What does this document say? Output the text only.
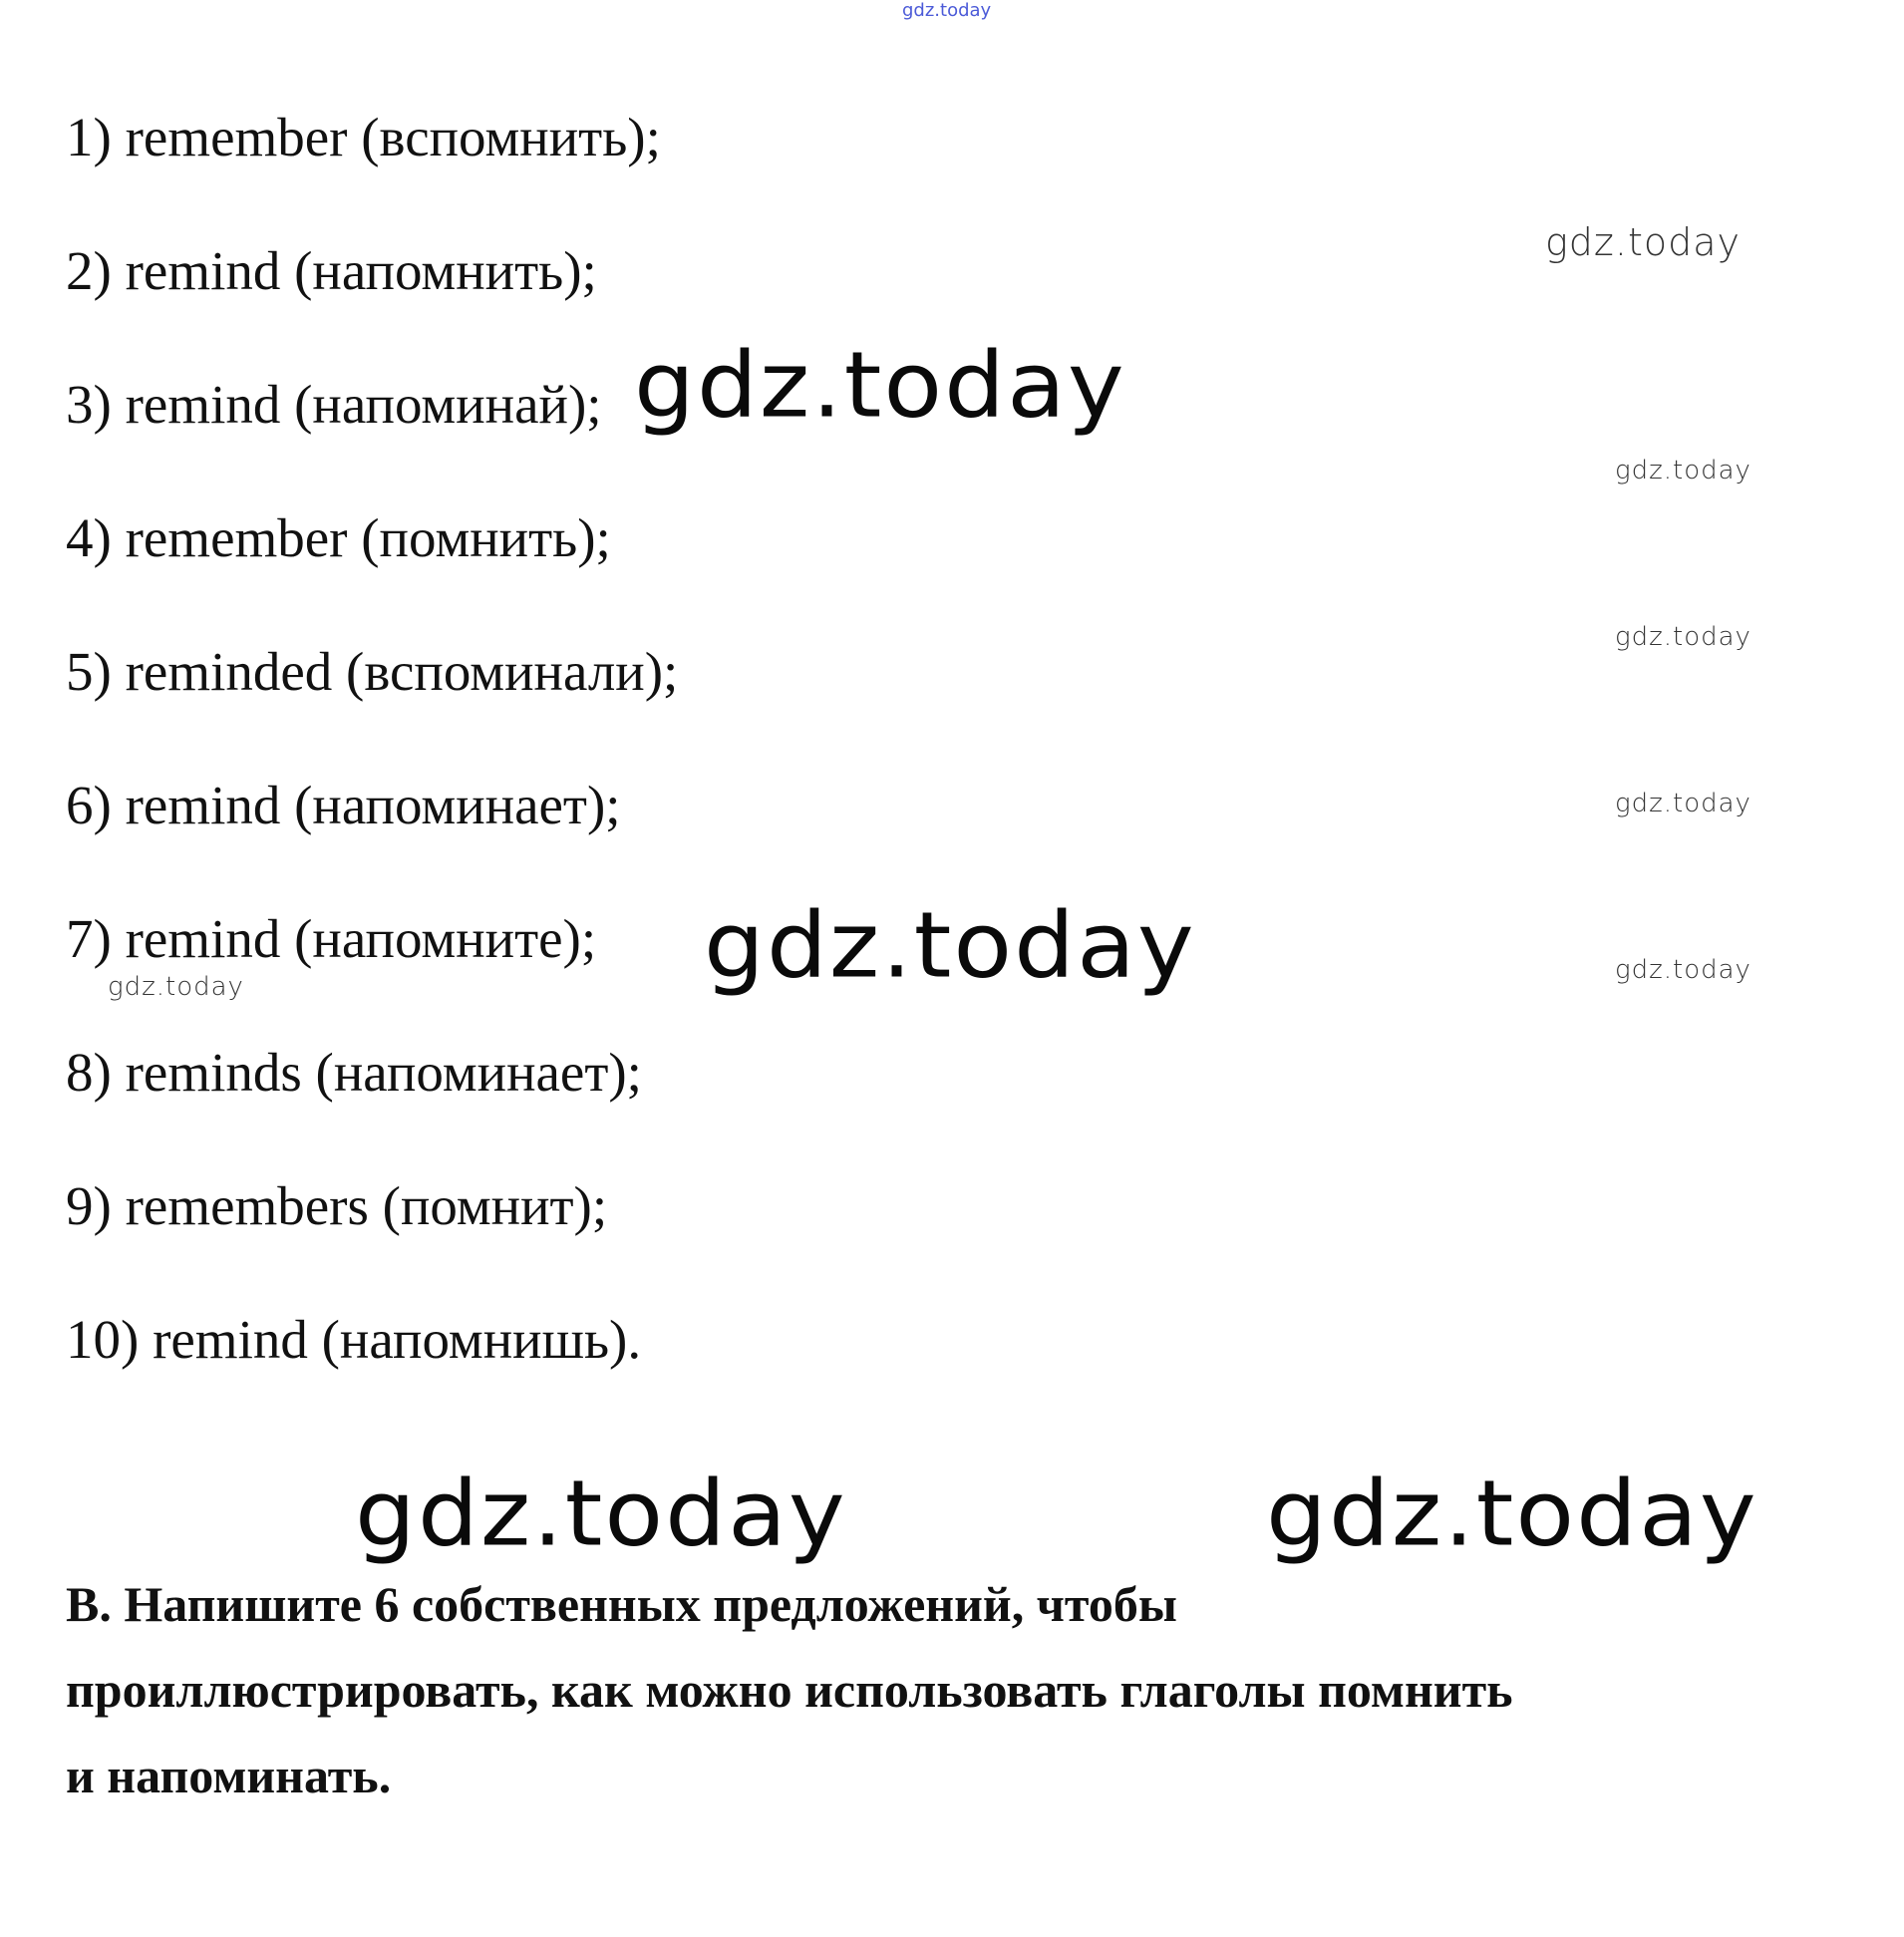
gdz.today
gdz.today
gdz.today
gdz.today
gdz.today
gdz.today
gdz.today
gdz.today
gdz.today
gdz.today	gdz.today

1) remember (вспомнить);

2) remind (напомнить);

3) remind (напоминай);

4) remember (помнить);

5) reminded (вспоминали);

6) remind (напоминает);

7) remind (напомните);

8) reminds (напоминает);

9) remembers (помнит);

10) remind (напомнишь).

B. Напишите 6 собственных предложений, чтобы
проиллюстрировать, как можно использовать глаголы помнить
и напоминать.
